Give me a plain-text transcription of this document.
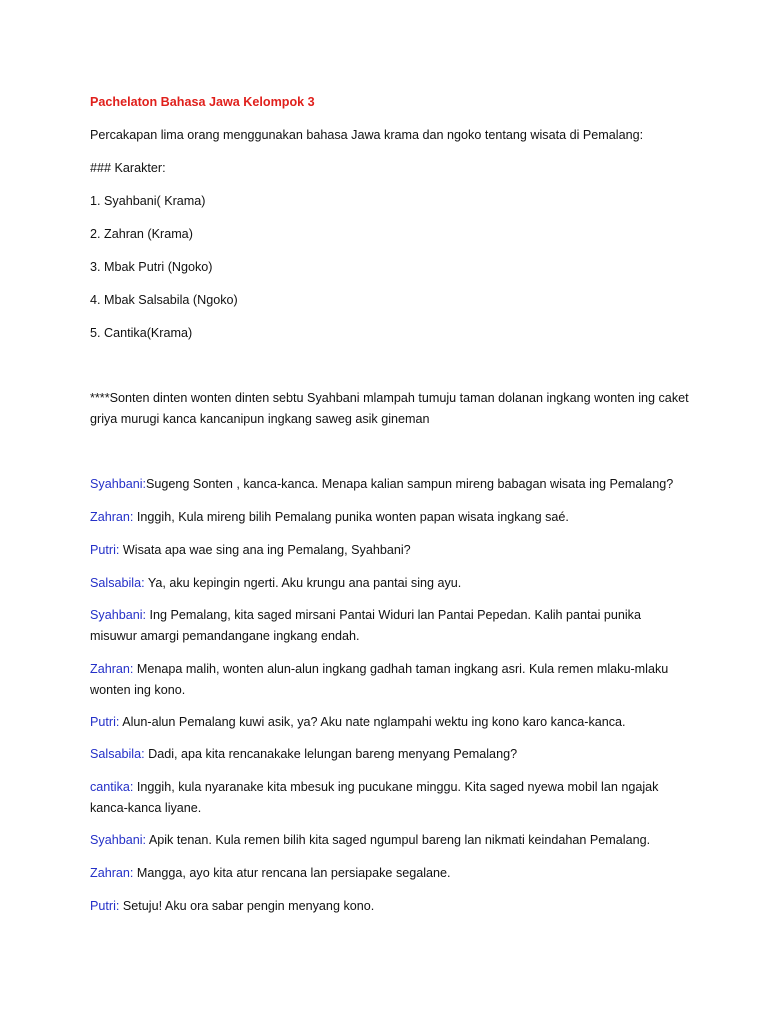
Pachelaton Bahasa Jawa Kelompok 3
Percakapan lima orang menggunakan bahasa Jawa krama dan ngoko tentang wisata di Pemalang:
### Karakter:
1. Syahbani( Krama)
2. Zahran (Krama)
3. Mbak Putri (Ngoko)
4. Mbak Salsabila (Ngoko)
5. Cantika(Krama)
****Sonten dinten wonten dinten sebtu Syahbani mlampah tumuju taman dolanan ingkang wonten ing caket griya murugi kanca kancanipun ingkang saweg asik gineman
Syahbani:Sugeng Sonten , kanca-kanca. Menapa kalian sampun mireng babagan wisata ing Pemalang?
Zahran: Inggih, Kula mireng bilih Pemalang punika wonten papan wisata ingkang saé.
Putri: Wisata apa wae sing ana ing Pemalang, Syahbani?
Salsabila: Ya, aku kepingin ngerti. Aku krungu ana pantai sing ayu.
Syahbani: Ing Pemalang, kita saged mirsani Pantai Widuri lan Pantai Pepedan. Kalih pantai punika misuwur amargi pemandangane ingkang endah.
Zahran: Menapa malih, wonten alun-alun ingkang gadhah taman ingkang asri. Kula remen mlaku-mlaku wonten ing kono.
Putri: Alun-alun Pemalang kuwi asik, ya? Aku nate nglampahi wektu ing kono karo kanca-kanca.
Salsabila: Dadi, apa kita rencanakake lelungan bareng menyang Pemalang?
cantika: Inggih, kula nyaranake kita mbesuk ing pucukane minggu. Kita saged nyewa mobil lan ngajak kanca-kanca liyane.
Syahbani: Apik tenan. Kula remen bilih kita saged ngumpul bareng lan nikmati keindahan Pemalang.
Zahran: Mangga, ayo kita atur rencana lan persiapake segalane.
Putri: Setuju! Aku ora sabar pengin menyang kono.
